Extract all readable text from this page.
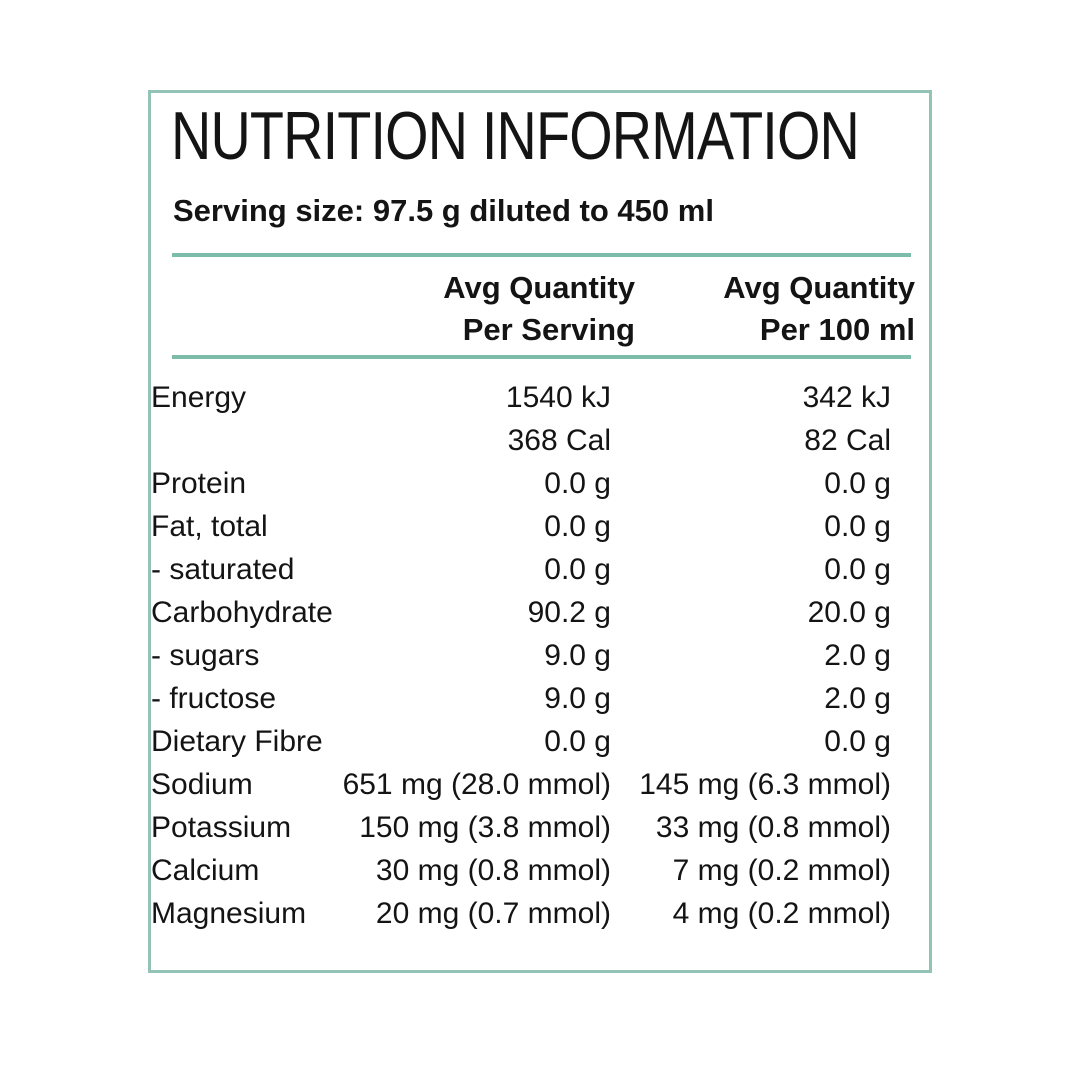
NUTRITION INFORMATION
Serving size: 97.5 g diluted to 450 ml
Avg Quantity
Per Serving
Avg Quantity
Per 100 ml
Energy	1540 kJ	342 kJ
368 Cal	82 Cal
Protein	0.0 g	0.0 g
Fat, total	0.0 g	0.0 g
- saturated	0.0 g	0.0 g
Carbohydrate	90.2 g	20.0 g
- sugars	9.0 g	2.0 g
- fructose	9.0 g	2.0 g
Dietary Fibre	0.0 g	0.0 g
Sodium	651 mg (28.0 mmol) 145 mg (6.3 mmol)
Potassium	150 mg (3.8 mmol)	33 mg (0.8 mmol)
Calcium	30 mg (0.8 mmol)	7 mg (0.2 mmol)
Magnesium	20 mg (0.7 mmol)	4 mg (0.2 mmol)
